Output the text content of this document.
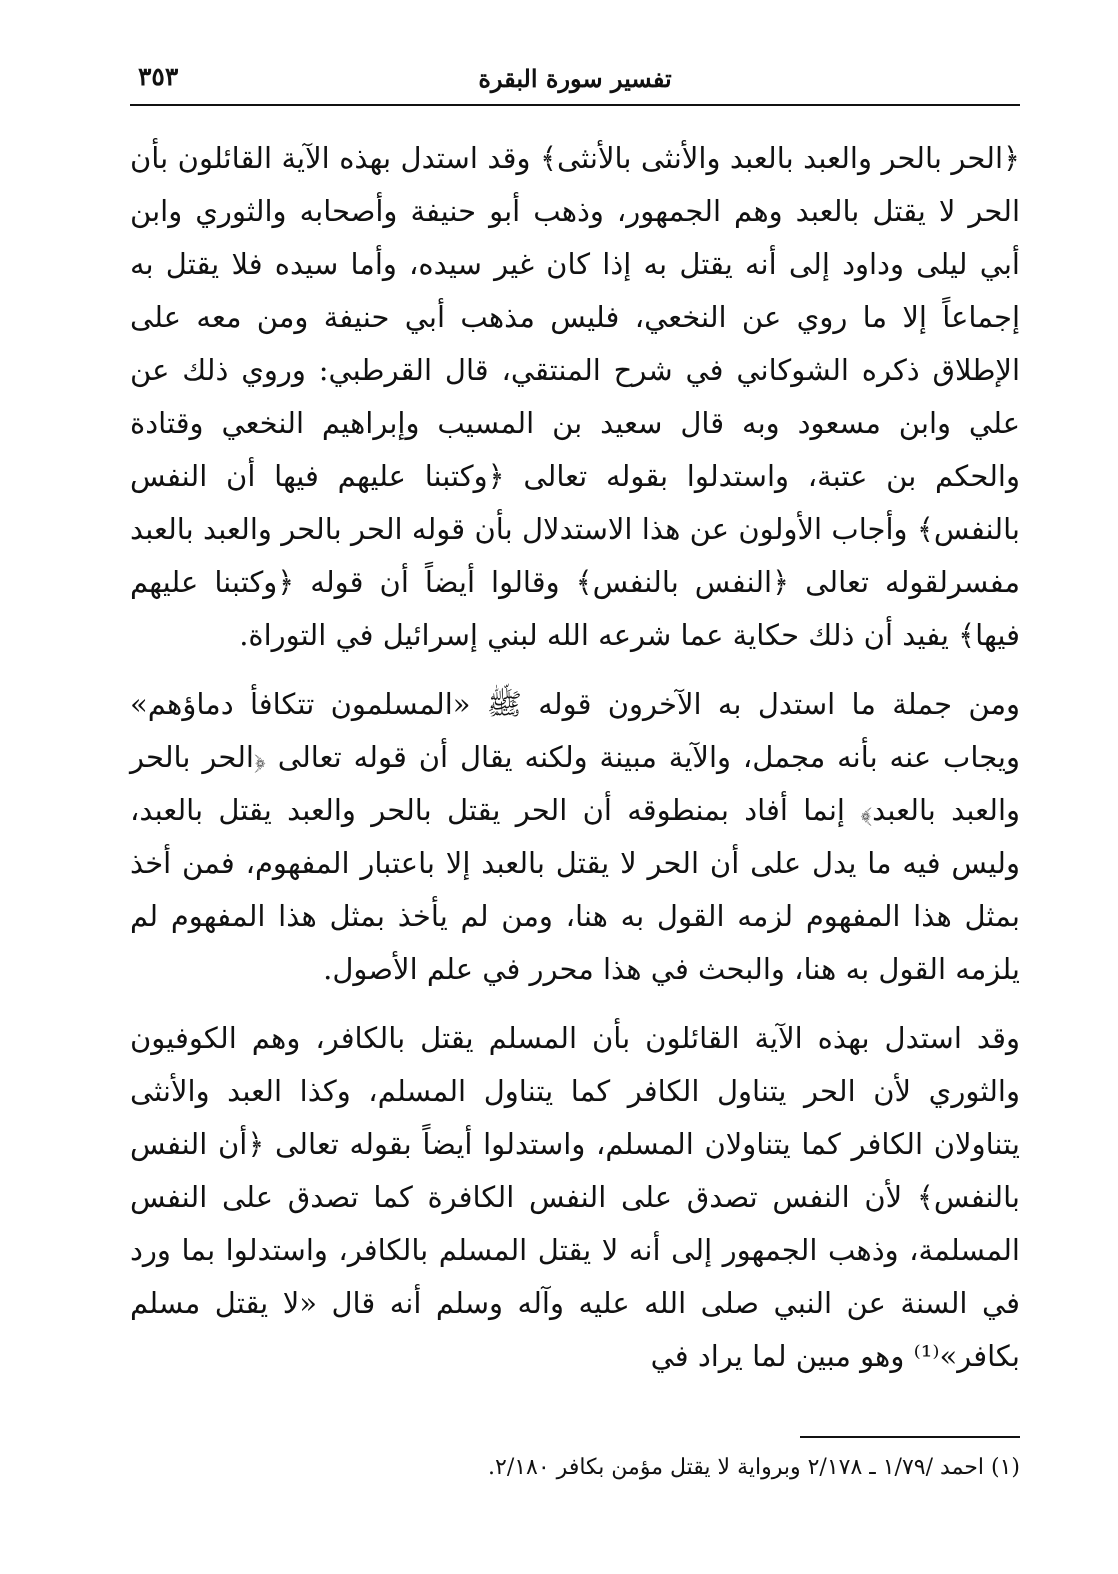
تفسير سورة البقرة
٣٥٣

﴿الحر بالحر والعبد بالعبد والأنثى بالأنثى﴾ وقد استدل بهذه الآية القائلون بأن الحر لا يقتل بالعبد وهم الجمهور، وذهب أبو حنيفة وأصحابه والثوري وابن أبي ليلى وداود إلى أنه يقتل به إذا كان غير سيده، وأما سيده فلا يقتل به إجماعاً إلا ما روي عن النخعي، فليس مذهب أبي حنيفة ومن معه على الإطلاق ذكره الشوكاني في شرح المنتقي، قال القرطبي: وروي ذلك عن علي وابن مسعود وبه قال سعيد بن المسيب وإبراهيم النخعي وقتادة والحكم بن عتبة، واستدلوا بقوله تعالى ﴿وكتبنا عليهم فيها أن النفس بالنفس﴾ وأجاب الأولون عن هذا الاستدلال بأن قوله الحر بالحر والعبد بالعبد مفسرلقوله تعالى ﴿النفس بالنفس﴾ وقالوا أيضاً أن قوله ﴿وكتبنا عليهم فيها﴾ يفيد أن ذلك حكاية عما شرعه الله لبني إسرائيل في التوراة.

ومن جملة ما استدل به الآخرون قوله ﷺ «المسلمون تتكافأ دماؤهم» ويجاب عنه بأنه مجمل، والآية مبينة ولكنه يقال أن قوله تعالى ﴿الحر بالحر والعبد بالعبد﴾ إنما أفاد بمنطوقه أن الحر يقتل بالحر والعبد يقتل بالعبد، وليس فيه ما يدل على أن الحر لا يقتل بالعبد إلا باعتبار المفهوم، فمن أخذ بمثل هذا المفهوم لزمه القول به هنا، ومن لم يأخذ بمثل هذا المفهوم لم يلزمه القول به هنا، والبحث في هذا محرر في علم الأصول.

وقد استدل بهذه الآية القائلون بأن المسلم يقتل بالكافر، وهم الكوفيون والثوري لأن الحر يتناول الكافر كما يتناول المسلم، وكذا العبد والأنثى يتناولان الكافر كما يتناولان المسلم، واستدلوا أيضاً بقوله تعالى ﴿أن النفس بالنفس﴾ لأن النفس تصدق على النفس الكافرة كما تصدق على النفس المسلمة، وذهب الجمهور إلى أنه لا يقتل المسلم بالكافر، واستدلوا بما ورد في السنة عن النبي صلى الله عليه وآله وسلم أنه قال «لا يقتل مسلم بكافر»⁽¹⁾ وهو مبين لما يراد في

(١) احمد /١/٧٩ ـ ٢/١٧٨ وبرواية لا يقتل مؤمن بكافر ٢/١٨٠.
